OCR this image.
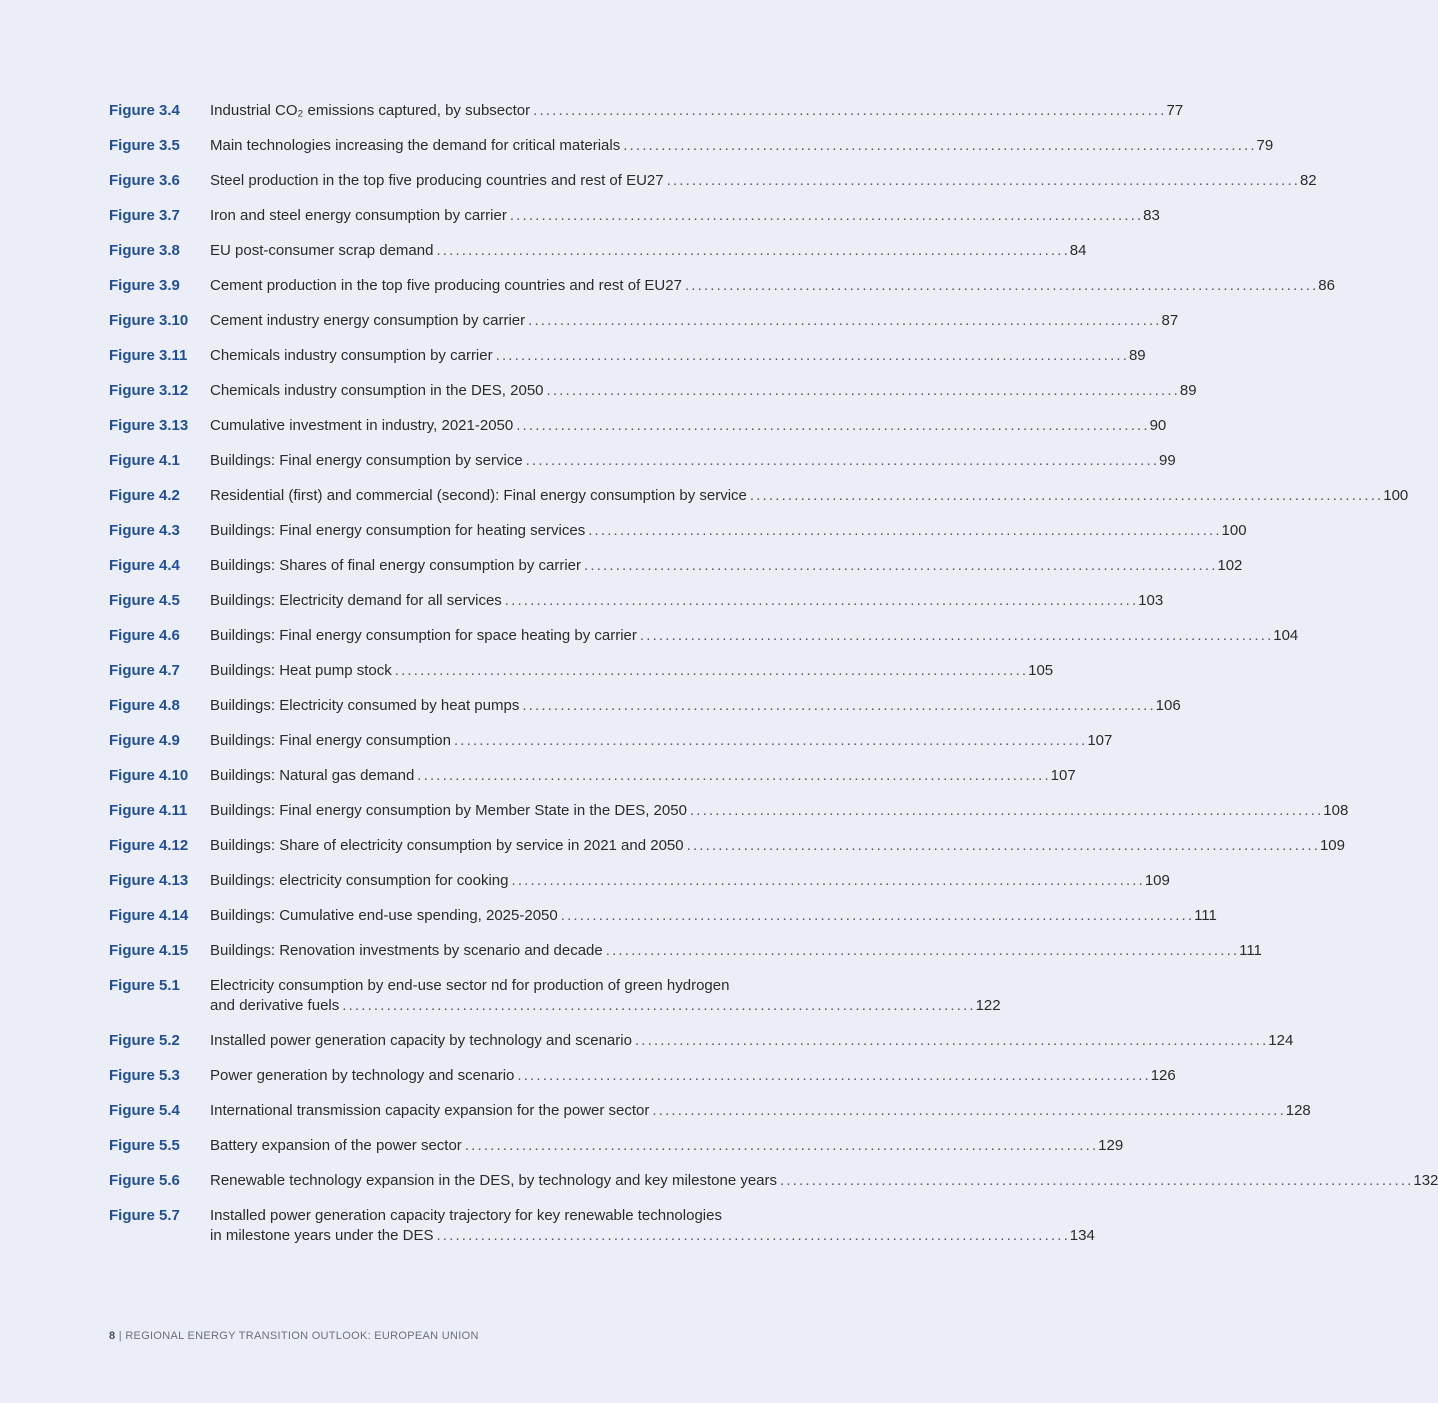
Figure 3.4	Industrial CO₂ emissions captured, by subsector . . .	77
Figure 3.5	Main technologies increasing the demand for critical materials . . .	79
Figure 3.6	Steel production in the top five producing countries and rest of EU27 . . .	82
Figure 3.7	Iron and steel energy consumption by carrier . . .	83
Figure 3.8	EU post-consumer scrap demand . . .	84
Figure 3.9	Cement production in the top five producing countries and rest of EU27 . . .	86
Figure 3.10	Cement industry energy consumption by carrier . . .	87
Figure 3.11	Chemicals industry consumption by carrier . . .	89
Figure 3.12	Chemicals industry consumption in the DES, 2050 . . .	89
Figure 3.13	Cumulative investment in industry, 2021-2050 . . .	90
Figure 4.1	Buildings: Final energy consumption by service . . .	99
Figure 4.2	Residential (first) and commercial (second): Final energy consumption by service . . .	100
Figure 4.3	Buildings: Final energy consumption for heating services . . .	100
Figure 4.4	Buildings: Shares of final energy consumption by carrier . . .	102
Figure 4.5	Buildings: Electricity demand for all services . . .	103
Figure 4.6	Buildings: Final energy consumption for space heating by carrier . . .	104
Figure 4.7	Buildings: Heat pump stock . . .	105
Figure 4.8	Buildings: Electricity consumed by heat pumps . . .	106
Figure 4.9	Buildings: Final energy consumption . . .	107
Figure 4.10	Buildings: Natural gas demand . . .	107
Figure 4.11	Buildings: Final energy consumption by Member State in the DES, 2050 . . .	108
Figure 4.12	Buildings: Share of electricity consumption by service in 2021 and 2050 . . .	109
Figure 4.13	Buildings: electricity consumption for cooking . . .	109
Figure 4.14	Buildings: Cumulative end-use spending, 2025-2050 . . .	111
Figure 4.15	Buildings: Renovation investments by scenario and decade . . .	111
Figure 5.1	Electricity consumption by end-use sector nd for production of green hydrogen
and derivative fuels . . .	122
Figure 5.2	Installed power generation capacity by technology and scenario . . .	124
Figure 5.3	Power generation by technology and scenario . . .	126
Figure 5.4	International transmission capacity expansion for the power sector . . .	128
Figure 5.5	Battery expansion of the power sector . . .	129
Figure 5.6	Renewable technology expansion in the DES, by technology and key milestone years . . .	132
Figure 5.7	Installed power generation capacity trajectory for key renewable technologies
in milestone years under the DES . . .	134
8 | REGIONAL ENERGY TRANSITION OUTLOOK: EUROPEAN UNION
